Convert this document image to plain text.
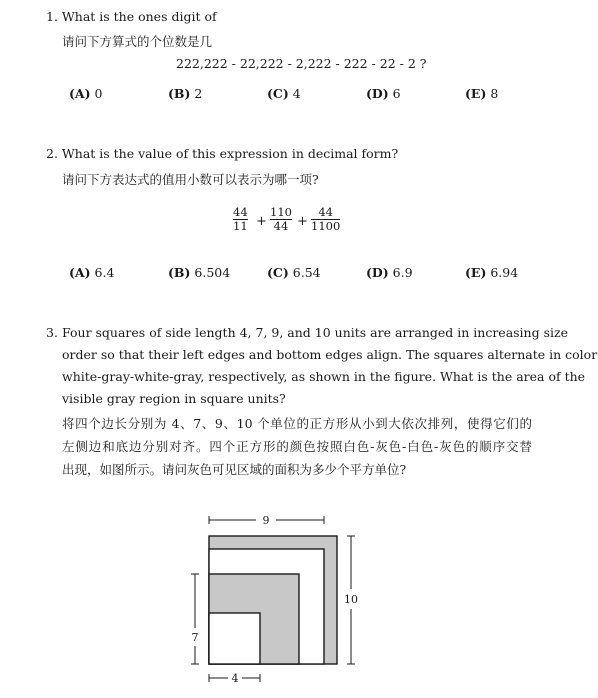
1. What is the ones digit of
请问下方算式的个位数是几
222,222 - 22,222 - 2,222 - 222 - 22 - 2 ?
(A) 0	(B) 2	(C) 4	(D) 6	(E) 8
2. What is the value of this expression in decimal form?
请问下方表达式的值用小数可以表示为哪一项?
44
11 +
110
44 +
44
1100
(A) 6.4	(B) 6.504	(C) 6.54	(D) 6.9	(E) 6.94
3. Four squares of side length 4, 7, 9, and 10 units are arranged in increasing size
order so that their left edges and bottom edges align. The squares alternate in color
white-gray-white-gray, respectively, as shown in the figure. What is the area of the
visible gray region in square units?
将四个边长分别为 4、7、9、10 个单位的正方形从小到大依次排列，使得它们的
左侧边和底边分别对齐。四个正方形的颜色按照白色-灰色-白色-灰色的顺序交替
出现，如图所示。请问灰色可见区域的面积为多少个平方单位?
9
10
7
4
